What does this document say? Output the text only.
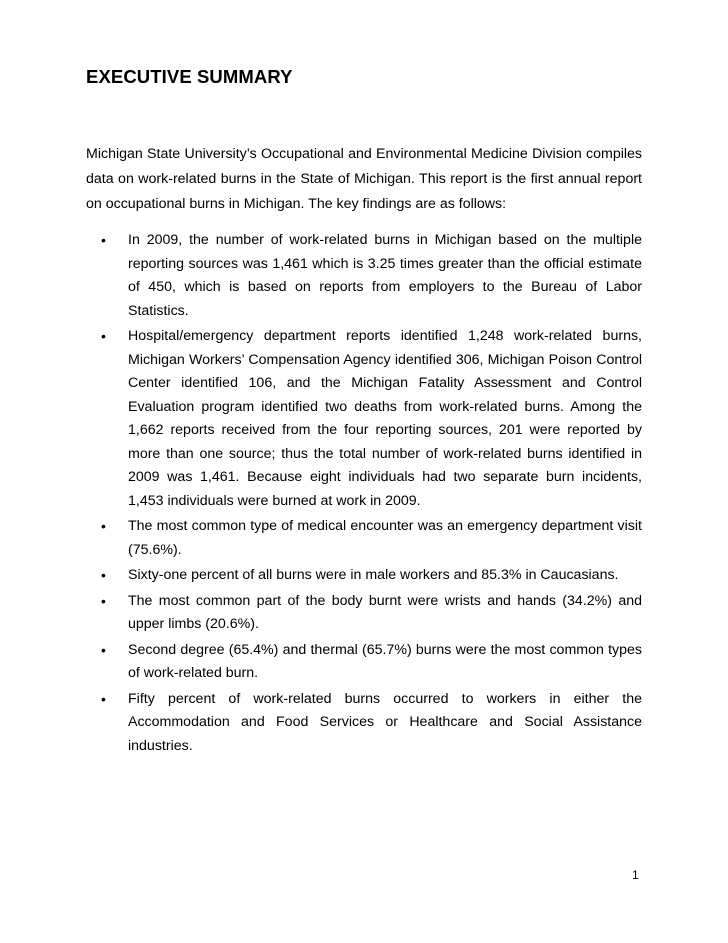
EXECUTIVE SUMMARY

Michigan State University’s Occupational and Environmental Medicine Division compiles data on work-related burns in the State of Michigan. This report is the first annual report on occupational burns in Michigan. The key findings are as follows:

• In 2009, the number of work-related burns in Michigan based on the multiple reporting sources was 1,461 which is 3.25 times greater than the official estimate of 450, which is based on reports from employers to the Bureau of Labor Statistics.
• Hospital/emergency department reports identified 1,248 work-related burns, Michigan Workers’ Compensation Agency identified 306, Michigan Poison Control Center identified 106, and the Michigan Fatality Assessment and Control Evaluation program identified two deaths from work-related burns. Among the 1,662 reports received from the four reporting sources, 201 were reported by more than one source; thus the total number of work-related burns identified in 2009 was 1,461. Because eight individuals had two separate burn incidents, 1,453 individuals were burned at work in 2009.
• The most common type of medical encounter was an emergency department visit (75.6%).
• Sixty-one percent of all burns were in male workers and 85.3% in Caucasians.
• The most common part of the body burnt were wrists and hands (34.2%) and upper limbs (20.6%).
• Second degree (65.4%) and thermal (65.7%) burns were the most common types of work-related burn.
• Fifty percent of work-related burns occurred to workers in either the Accommodation and Food Services or Healthcare and Social Assistance industries.
1
